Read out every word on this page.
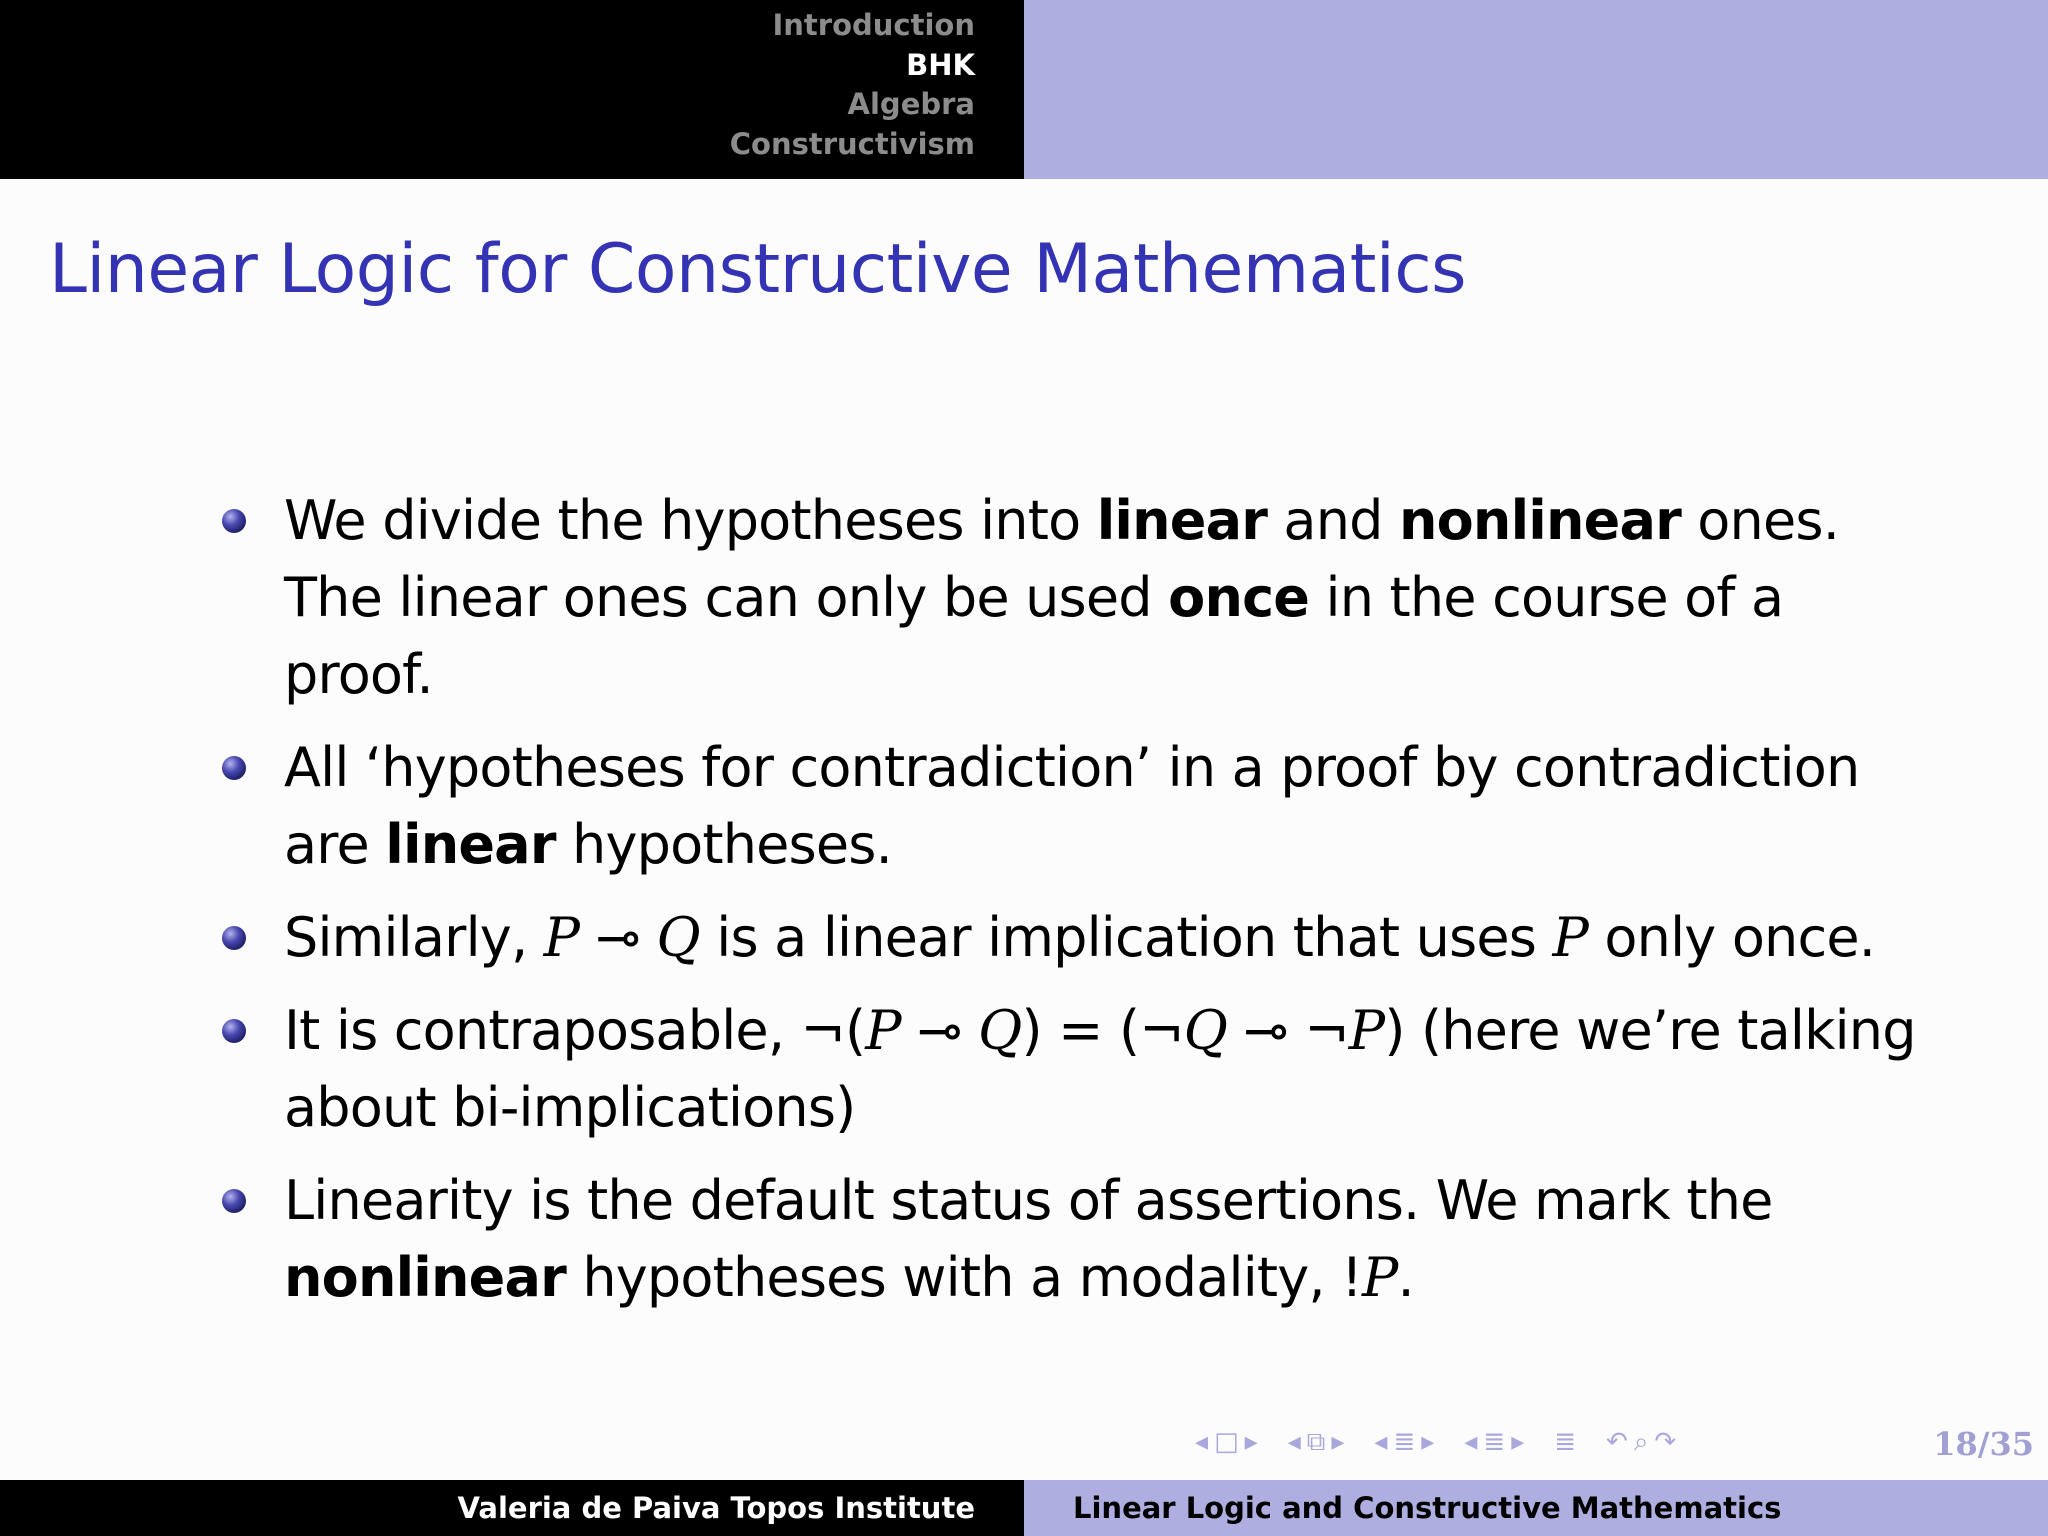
Introduction
BHK
Algebra
Constructivism
Linear Logic for Constructive Mathematics
We divide the hypotheses into linear and nonlinear ones. The linear ones can only be used once in the course of a proof.
All ‘hypotheses for contradiction’ in a proof by contradiction are linear hypotheses.
Similarly, P ⊸ Q is a linear implication that uses P only once.
It is contraposable, ¬(P ⊸ Q) = (¬Q ⊸ ¬P) (here we’re talking about bi-implications)
Linearity is the default status of assertions. We mark the nonlinear hypotheses with a modality, !P.
◂ □ ▸ ◂ ⧉ ▸ ◂ ≣ ▸ ◂ ≣ ▸ ≣ ↶ ⌕ ↷	18/35
Valeria de Paiva Topos Institute	Linear Logic and Constructive Mathematics
